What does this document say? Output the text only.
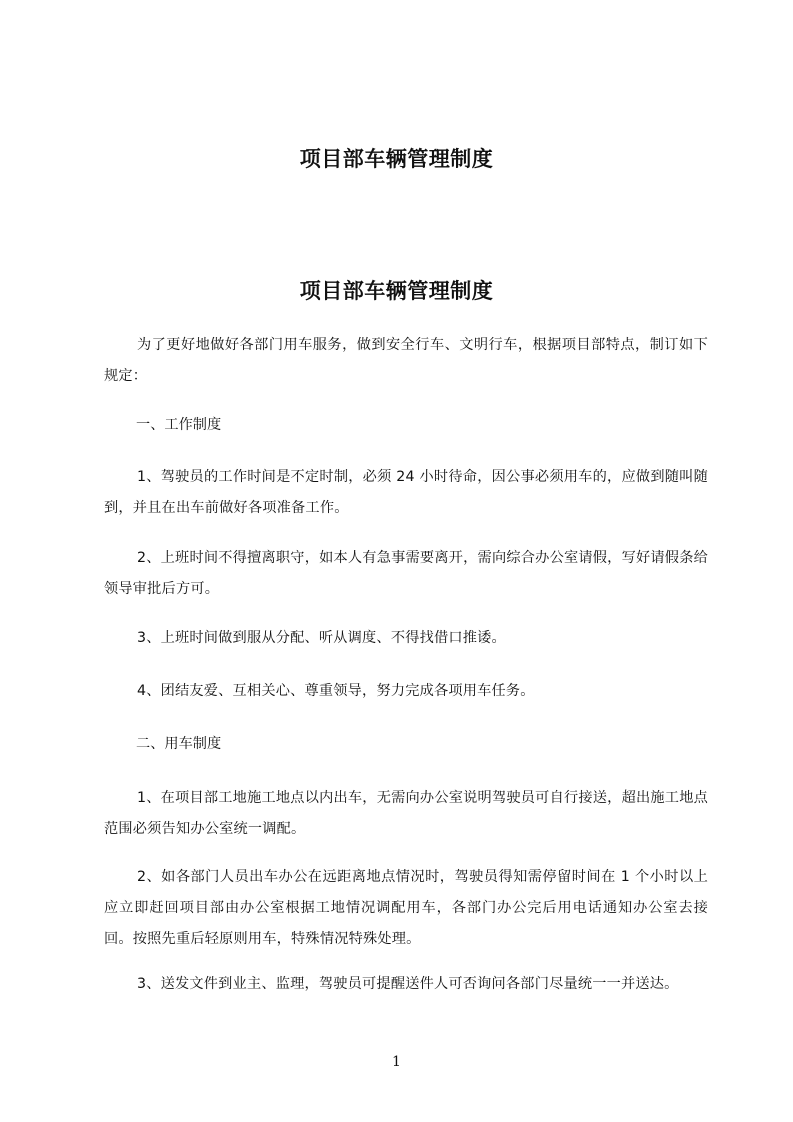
项目部车辆管理制度
项目部车辆管理制度

为了更好地做好各部门用车服务，做到安全行车、文明行车，根据项目部特点，制订如下规定：

一、工作制度

1、驾驶员的工作时间是不定时制，必须 24 小时待命，因公事必须用车的，应做到随叫随到，并且在出车前做好各项准备工作。

2、上班时间不得擅离职守，如本人有急事需要离开，需向综合办公室请假，写好请假条给领导审批后方可。

3、上班时间做到服从分配、听从调度、不得找借口推诿。

4、团结友爱、互相关心、尊重领导，努力完成各项用车任务。

二、用车制度

1、在项目部工地施工地点以内出车，无需向办公室说明驾驶员可自行接送，超出施工地点范围必须告知办公室统一调配。

2、如各部门人员出车办公在远距离地点情况时，驾驶员得知需停留时间在 1 个小时以上应立即赶回项目部由办公室根据工地情况调配用车，各部门办公完后用电话通知办公室去接回。按照先重后轻原则用车，特殊情况特殊处理。

3、送发文件到业主、监理，驾驶员可提醒送件人可否询问各部门尽量统一一并送达。

1
